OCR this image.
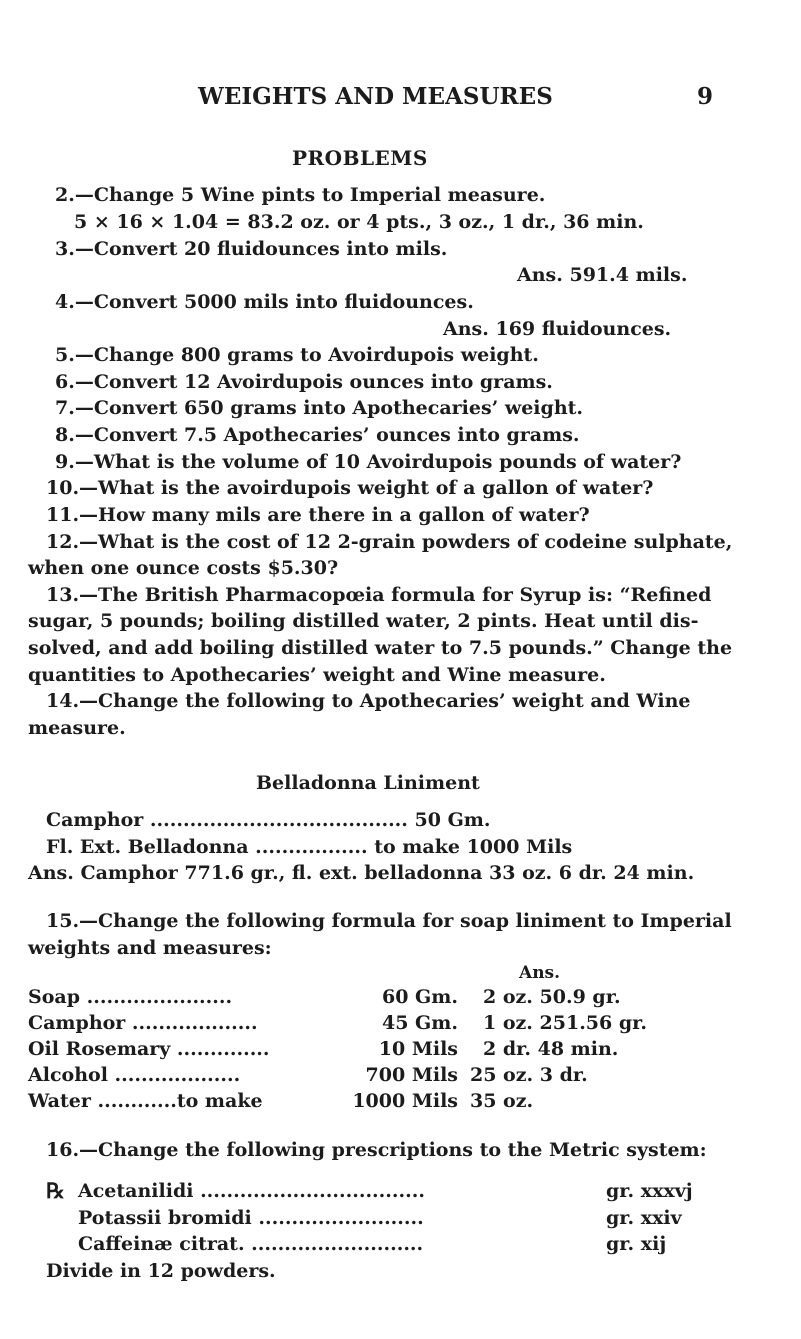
WEIGHTS AND MEASURES	9
PROBLEMS
2.—Change 5 Wine pints to Imperial measure.
5 × 16 × 1.04 = 83.2 oz. or 4 pts., 3 oz., 1 dr., 36 min.
3.—Convert 20 fluidounces into mils.
Ans. 591.4 mils.
4.—Convert 5000 mils into fluidounces.
Ans. 169 fluidounces.
5.—Change 800 grams to Avoirdupois weight.
6.—Convert 12 Avoirdupois ounces into grams.
7.—Convert 650 grams into Apothecaries’ weight.
8.—Convert 7.5 Apothecaries’ ounces into grams.
9.—What is the volume of 10 Avoirdupois pounds of water?
10.—What is the avoirdupois weight of a gallon of water?
11.—How many mils are there in a gallon of water?
12.—What is the cost of 12 2-grain powders of codeine sulphate,
when one ounce costs $5.30?
13.—The British Pharmacopœia formula for Syrup is: “Refined
sugar, 5 pounds; boiling distilled water, 2 pints. Heat until dis-
solved, and add boiling distilled water to 7.5 pounds.” Change the
quantities to Apothecaries’ weight and Wine measure.
14.—Change the following to Apothecaries’ weight and Wine
measure.
Belladonna Liniment
Camphor ....................................... 50 Gm.
Fl. Ext. Belladonna ................. to make 1000 Mils
Ans. Camphor 771.6 gr., fl. ext. belladonna 33 oz. 6 dr. 24 min.
15.—Change the following formula for soap liniment to Imperial
weights and measures:
Ans.
Soap ......................	60 Gm. 2 oz. 50.9 gr.
Camphor ...................	45 Gm. 1 oz. 251.56 gr.
Oil Rosemary ..............	10 Mils 2 dr. 48 min.
Alcohol ...................	700 Mils 25 oz. 3 dr.
Water ............to make	1000 Mils 35 oz.
16.—Change the following prescriptions to the Metric system:
℞ Acetanilidi ..................................	gr. xxxvj
Potassii bromidi .........................	gr. xxiv
Caffeinæ citrat. ..........................	gr. xij
Divide in 12 powders.
